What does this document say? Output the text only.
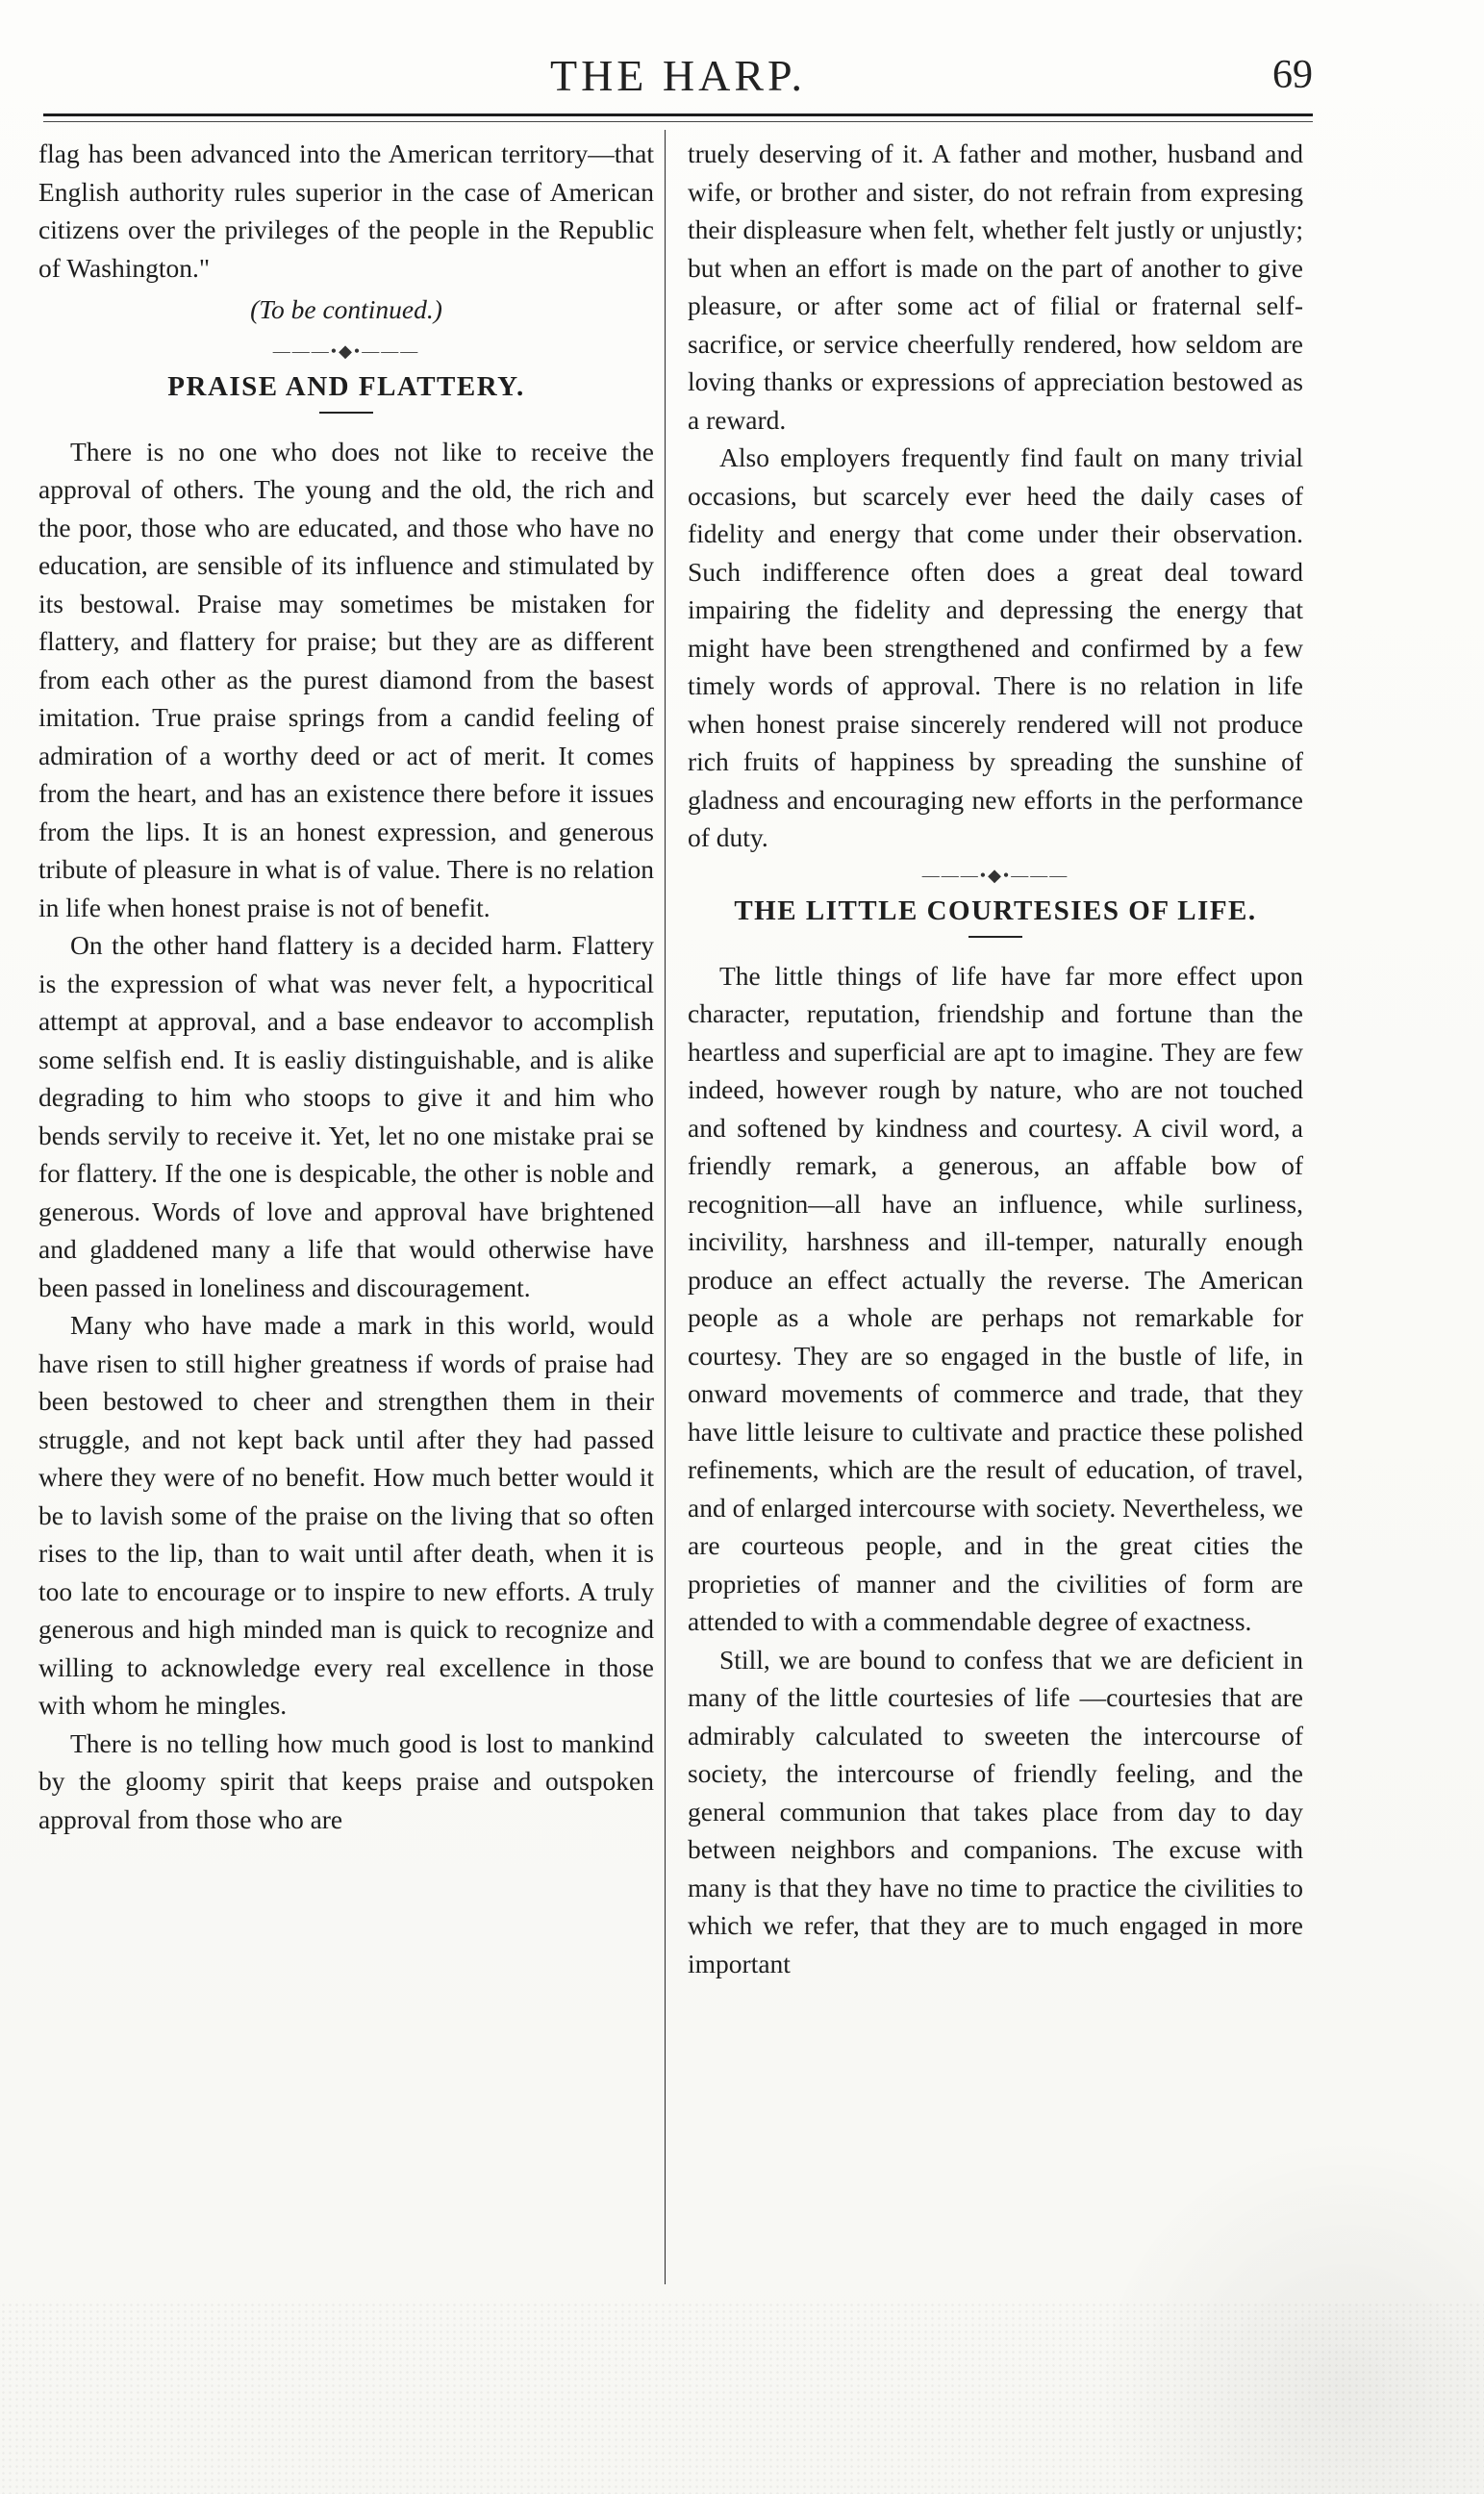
THE HARP.	69

flag has been advanced into the American territory—that English authority rules superior in the case of American citizens over the privileges of the people in the Republic of Washington."

(To be continued.)

———•◆•———
PRAISE AND FLATTERY.

There is no one who does not like to receive the approval of others. The young and the old, the rich and the poor, those who are educated, and those who have no education, are sensible of its influence and stimulated by its bestowal. Praise may sometimes be mistaken for flattery, and flattery for praise; but they are as different from each other as the purest diamond from the basest imitation. True praise springs from a candid feeling of admiration of a worthy deed or act of merit. It comes from the heart, and has an existence there before it issues from the lips. It is an honest expression, and generous tribute of pleasure in what is of value. There is no relation in life when honest praise is not of benefit.

On the other hand flattery is a decided harm. Flattery is the expression of what was never felt, a hypocritical attempt at approval, and a base endeavor to accomplish some selfish end. It is easliy distinguishable, and is alike degrading to him who stoops to give it and him who bends servily to receive it. Yet, let no one mistake prai se for flattery. If the one is despicable, the other is noble and generous. Words of love and approval have brightened and gladdened many a life that would otherwise have been passed in loneliness and discouragement.

Many who have made a mark in this world, would have risen to still higher greatness if words of praise had been bestowed to cheer and strengthen them in their struggle, and not kept back until after they had passed where they were of no benefit. How much better would it be to lavish some of the praise on the living that so often rises to the lip, than to wait until after death, when it is too late to encourage or to inspire to new efforts. A truly generous and high minded man is quick to recognize and willing to acknowledge every real excellence in those with whom he mingles.

There is no telling how much good is lost to mankind by the gloomy spirit that keeps praise and outspoken approval from those who are

truely deserving of it. A father and mother, husband and wife, or brother and sister, do not refrain from expresing their displeasure when felt, whether felt justly or unjustly; but when an effort is made on the part of another to give pleasure, or after some act of filial or fraternal self-sacrifice, or service cheerfully rendered, how seldom are loving thanks or expressions of appreciation bestowed as a reward.

Also employers frequently find fault on many trivial occasions, but scarcely ever heed the daily cases of fidelity and energy that come under their observation. Such indifference often does a great deal toward impairing the fidelity and depressing the energy that might have been strengthened and confirmed by a few timely words of approval. There is no relation in life when honest praise sincerely rendered will not produce rich fruits of happiness by spreading the sunshine of gladness and encouraging new efforts in the performance of duty.

———•◆•———
THE LITTLE COURTESIES OF LIFE.

The little things of life have far more effect upon character, reputation, friendship and fortune than the heartless and superficial are apt to imagine. They are few indeed, however rough by nature, who are not touched and softened by kindness and courtesy. A civil word, a friendly remark, a generous, an affable bow of recognition—all have an influence, while surliness, incivility, harshness and ill-temper, naturally enough produce an effect actually the reverse. The American people as a whole are perhaps not remarkable for courtesy. They are so engaged in the bustle of life, in onward movements of commerce and trade, that they have little leisure to cultivate and practice these polished refinements, which are the result of education, of travel, and of enlarged intercourse with society. Nevertheless, we are courteous people, and in the great cities the proprieties of manner and the civilities of form are attended to with a commendable degree of exactness.

Still, we are bound to confess that we are deficient in many of the little courtesies of life —courtesies that are admirably calculated to sweeten the intercourse of society, the intercourse of friendly feeling, and the general communion that takes place from day to day between neighbors and companions. The excuse with many is that they have no time to practice the civilities to which we refer, that they are to much engaged in more important
